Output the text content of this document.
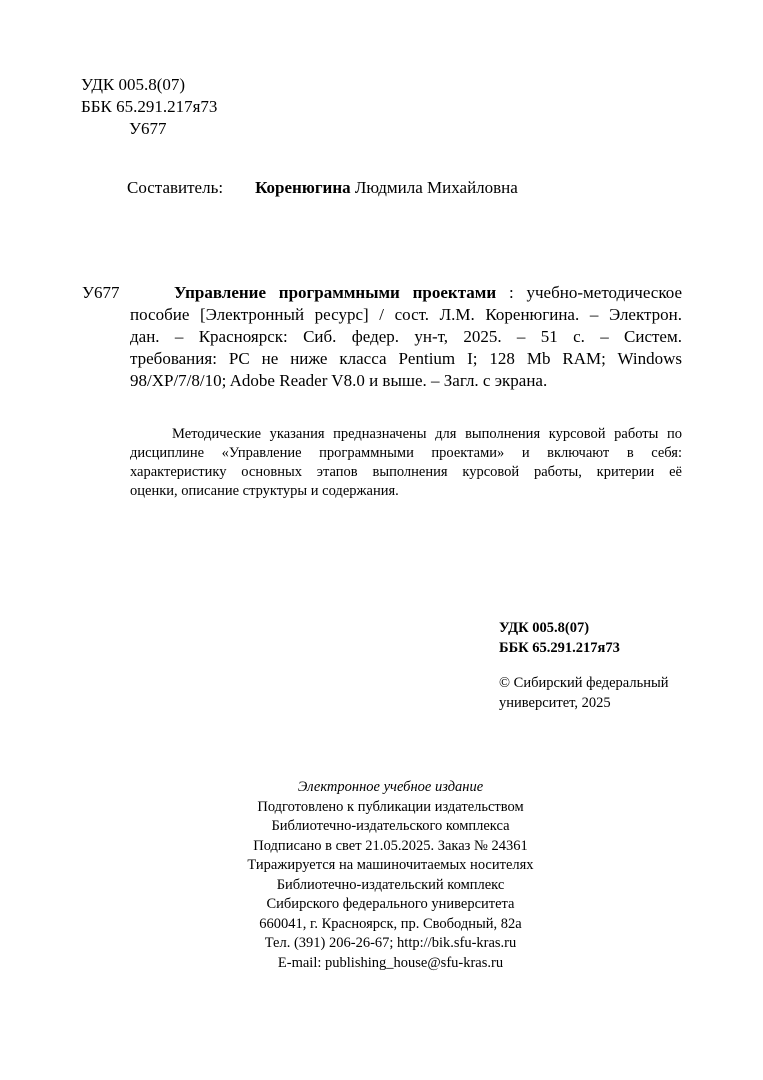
УДК 005.8(07)
ББК 65.291.217я73
У677
Составитель: Коренюгина Людмила Михайловна
У677	Управление программными проектами : учебно-методическое
пособие [Электронный ресурс] / сост. Л.М. Коренюгина. – Электрон.
дан. – Красноярск: Сиб. федер. ун-т, 2025. – 51 с. – Систем.
требования: PC не ниже класса Pentium I; 128 Mb RAM; Windows
98/XP/7/8/10; Adobe Reader V8.0 и выше. – Загл. с экрана.
Методические указания предназначены для выполнения курсовой работы по
дисциплине «Управление программными проектами» и включают в себя:
характеристику основных этапов выполнения курсовой работы, критерии её
оценки, описание структуры и содержания.
УДК 005.8(07)
ББК 65.291.217я73
© Сибирский федеральный
университет, 2025
Электронное учебное издание
Подготовлено к публикации издательством
Библиотечно-издательского комплекса
Подписано в свет 21.05.2025. Заказ № 24361
Тиражируется на машиночитаемых носителях
Библиотечно-издательский комплекс
Сибирского федерального университета
660041, г. Красноярск, пр. Свободный, 82а
Тел. (391) 206-26-67; http://bik.sfu-kras.ru
E-mail: publishing_house@sfu-kras.ru
